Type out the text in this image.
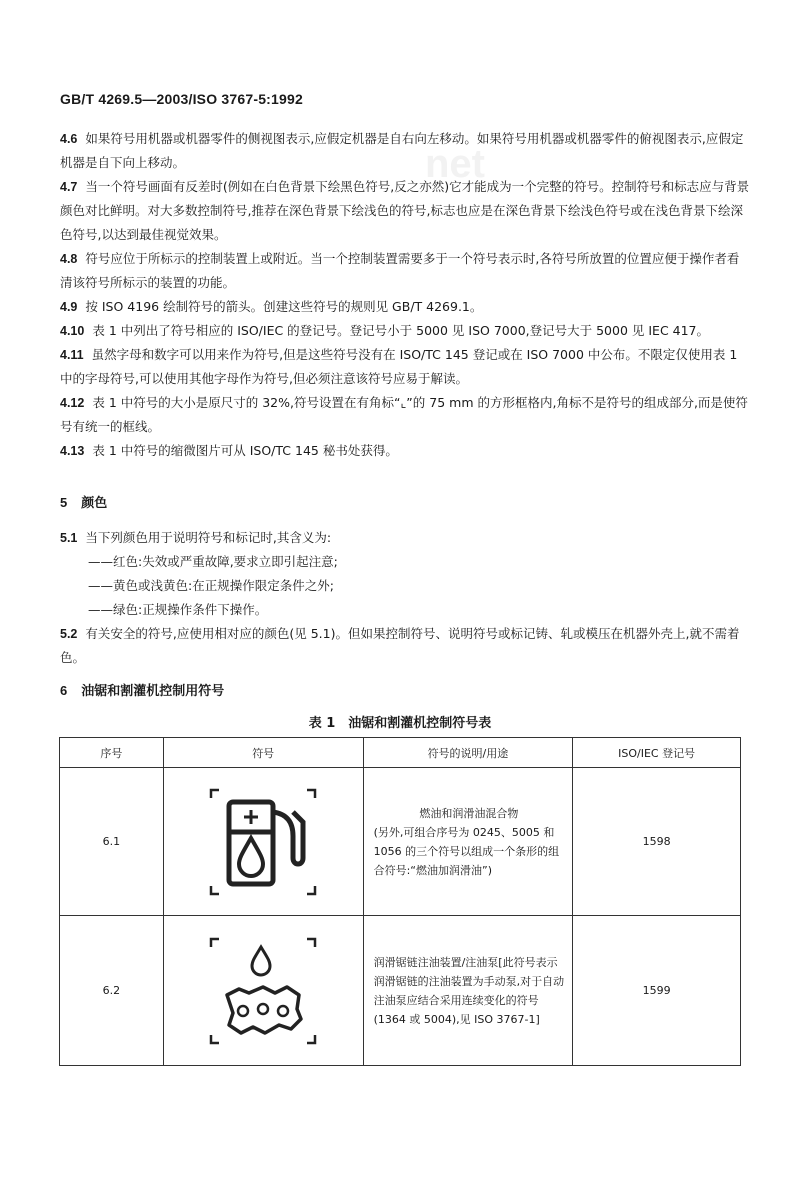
net
GB/T 4269.5—2003/ISO 3767-5:1992

4.6 如果符号用机器或机器零件的侧视图表示,应假定机器是自右向左移动。如果符号用机器或机器零件的俯视图表示,应假定机器是自下向上移动。

4.7 当一个符号画面有反差时(例如在白色背景下绘黑色符号,反之亦然)它才能成为一个完整的符号。控制符号和标志应与背景颜色对比鲜明。对大多数控制符号,推荐在深色背景下绘浅色的符号,标志也应是在深色背景下绘浅色符号或在浅色背景下绘深色符号,以达到最佳视觉效果。

4.8 符号应位于所标示的控制装置上或附近。当一个控制装置需要多于一个符号表示时,各符号所放置的位置应便于操作者看清该符号所标示的装置的功能。

4.9 按 ISO 4196 绘制符号的箭头。创建这些符号的规则见 GB/T 4269.1。

4.10 表 1 中列出了符号相应的 ISO/IEC 的登记号。登记号小于 5000 见 ISO 7000,登记号大于 5000 见 IEC 417。

4.11 虽然字母和数字可以用来作为符号,但是这些符号没有在 ISO/TC 145 登记或在 ISO 7000 中公布。不限定仅使用表 1 中的字母符号,可以使用其他字母作为符号,但必须注意该符号应易于解读。

4.12 表 1 中符号的大小是原尺寸的 32%,符号设置在有角标“⌞”的 75 mm 的方形框格内,角标不是符号的组成部分,而是使符号有统一的框线。

4.13 表 1 中符号的缩微图片可从 ISO/TC 145 秘书处获得。

5 颜色

5.1 当下列颜色用于说明符号和标记时,其含义为:

——红色:失效或严重故障,要求立即引起注意;

——黄色或浅黄色:在正规操作限定条件之外;

——绿色:正规操作条件下操作。

5.2 有关安全的符号,应使用相对应的颜色(见 5.1)。但如果控制符号、说明符号或标记铸、轧或模压在机器外壳上,就不需着色。

6 油锯和割灌机控制用符号
表 1　油锯和割灌机控制符号表
序号	符号	符号的说明/用途	ISO/IEC 登记号
6.1		燃油和润滑油混合物
(另外,可组合序号为 0245、5005 和 1056 的三个符号以组成一个条形的组合符号:“燃油加润滑油”)	1598
6.2		润滑锯链注油装置/注油泵[此符号表示润滑锯链的注油装置为手动泵,对于自动注油泵应结合采用连续变化的符号(1364 或 5004),见 ISO 3767-1]	1599
